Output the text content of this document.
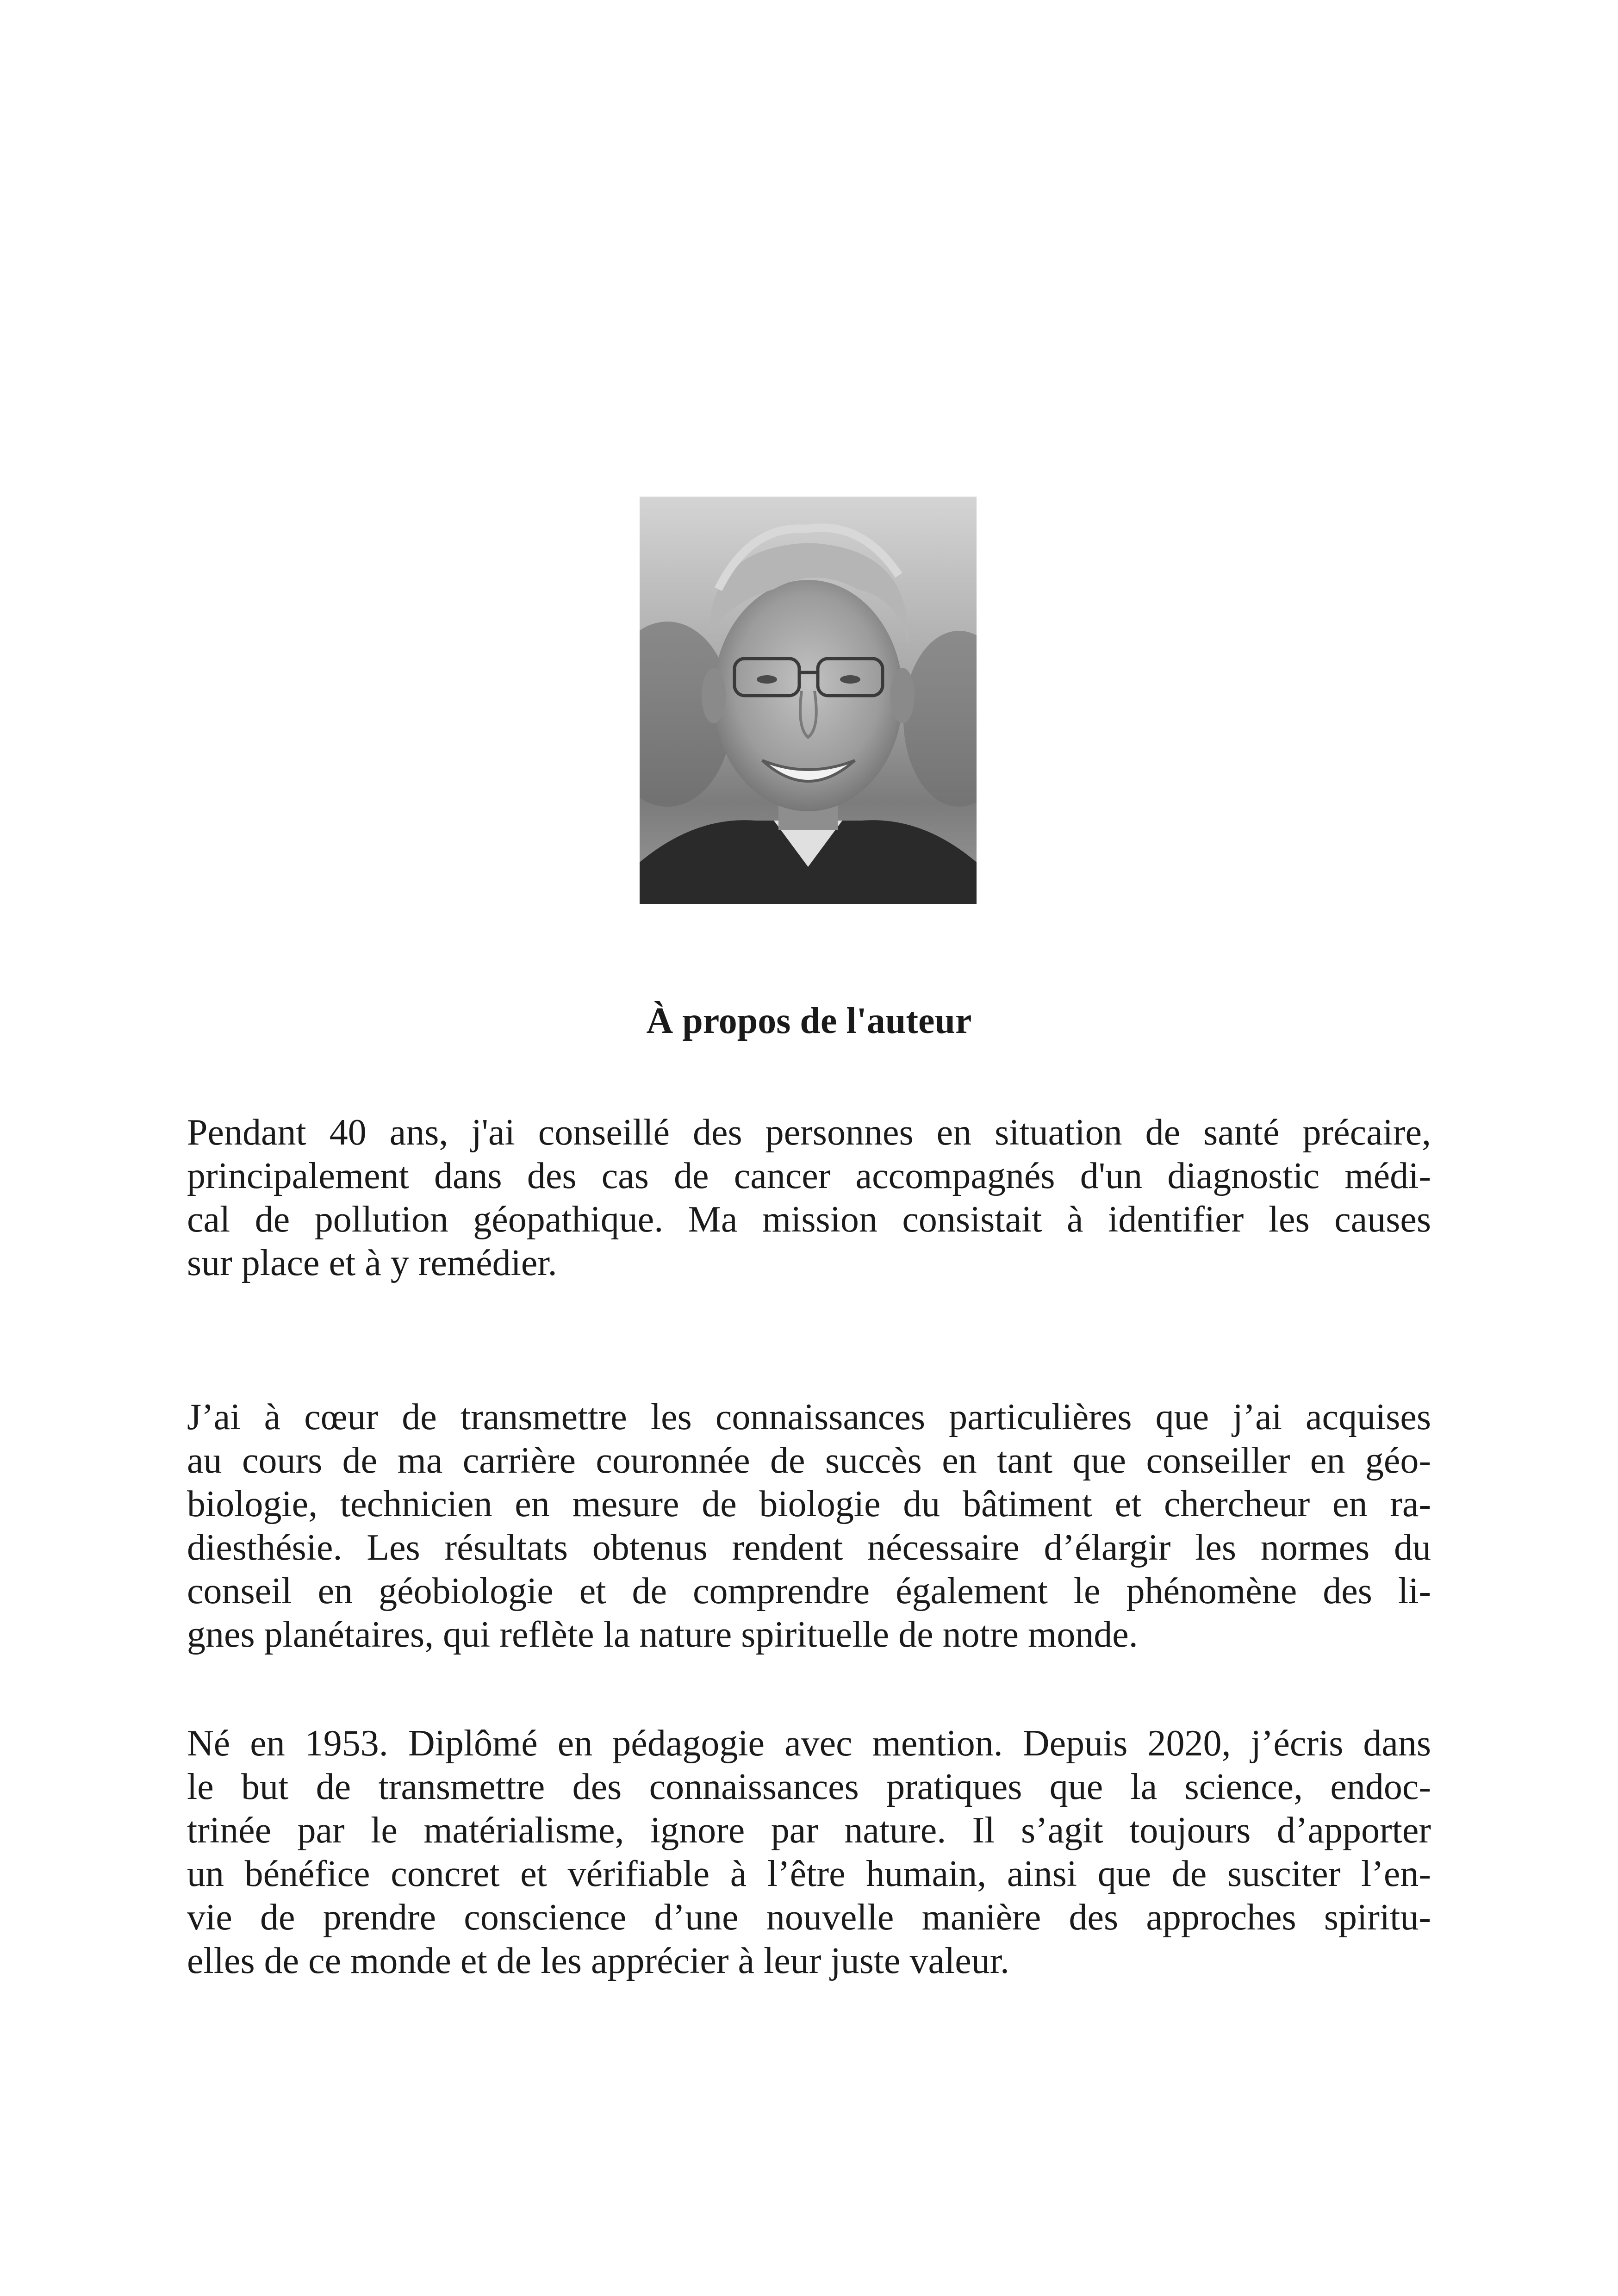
À propos de l'auteur

Pendant 40 ans, j'ai conseillé des personnes en situation de santé précaire,
principalement dans des cas de cancer accompagnés d'un diagnostic médi-
cal de pollution géopathique. Ma mission consistait à identifier les causes
sur place et à y remédier.

J’ai à cœur de transmettre les connaissances particulières que j’ai acquises
au cours de ma carrière couronnée de succès en tant que conseiller en géo-
biologie, technicien en mesure de biologie du bâtiment et chercheur en ra-
diesthésie. Les résultats obtenus rendent nécessaire d’élargir les normes du
conseil en géobiologie et de comprendre également le phénomène des li-
gnes planétaires, qui reflète la nature spirituelle de notre monde.

Né en 1953. Diplômé en pédagogie avec mention. Depuis 2020, j’écris dans
le but de transmettre des connaissances pratiques que la science, endoc-
trinée par le matérialisme, ignore par nature. Il s’agit toujours d’apporter
un bénéfice concret et vérifiable à l’être humain, ainsi que de susciter l’en-
vie de prendre conscience d’une nouvelle manière des approches spiritu-
elles de ce monde et de les apprécier à leur juste valeur.
